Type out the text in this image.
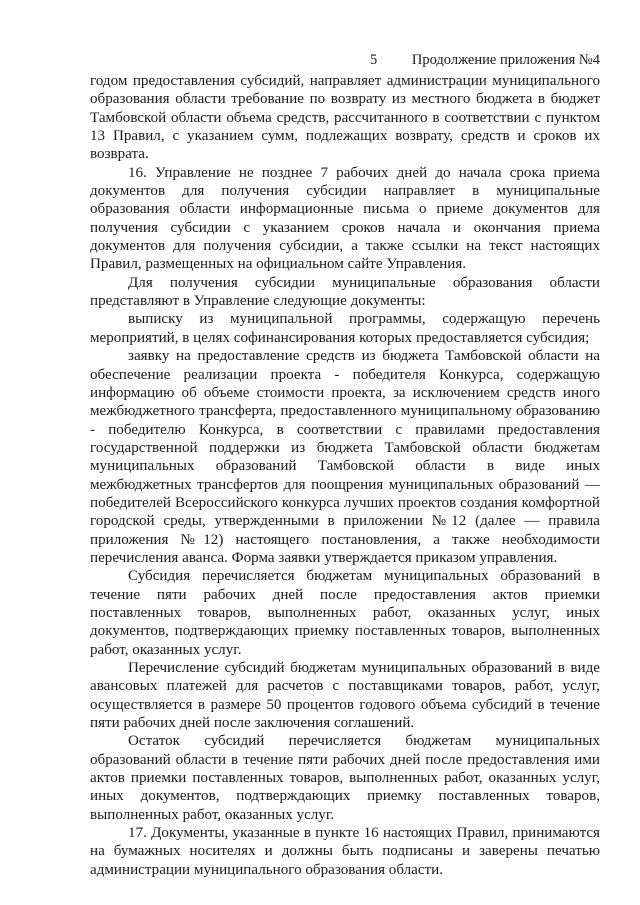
5 Продолжение приложения №4

годом предоставления субсидий, направляет администрации муниципального образования области требование по возврату из местного бюджета в бюджет Тамбовской области объема средств, рассчитанного в соответствии с пунктом 13 Правил, с указанием сумм, подлежащих возврату, средств и сроков их возврата.

16. Управление не позднее 7 рабочих дней до начала срока приема документов для получения субсидии направляет в муниципальные образования области информационные письма о приеме документов для получения субсидии с указанием сроков начала и окончания приема документов для получения субсидии, а также ссылки на текст настоящих Правил, размещенных на официальном сайте Управления.

Для получения субсидии муниципальные образования области представляют в Управление следующие документы:

выписку из муниципальной программы, содержащую перечень мероприятий, в целях софинансирования которых предоставляется субсидия;

заявку на предоставление средств из бюджета Тамбовской области на обеспечение реализации проекта - победителя Конкурса, содержащую информацию об объеме стоимости проекта, за исключением средств иного межбюджетного трансферта, предоставленного муниципальному образованию - победителю Конкурса, в соответствии с правилами предоставления государственной поддержки из бюджета Тамбовской области бюджетам муниципальных образований Тамбовской области в виде иных межбюджетных трансфертов для поощрения муниципальных образований — победителей Всероссийского конкурса лучших проектов создания комфортной городской среды, утвержденными в приложении №12 (далее — правила приложения №12) настоящего постановления, а также необходимости перечисления аванса. Форма заявки утверждается приказом управления.

Субсидия перечисляется бюджетам муниципальных образований в течение пяти рабочих дней после предоставления актов приемки поставленных товаров, выполненных работ, оказанных услуг, иных документов, подтверждающих приемку поставленных товаров, выполненных работ, оказанных услуг.

Перечисление субсидий бюджетам муниципальных образований в виде авансовых платежей для расчетов с поставщиками товаров, работ, услуг, осуществляется в размере 50 процентов годового объема субсидий в течение пяти рабочих дней после заключения соглашений.

Остаток субсидий перечисляется бюджетам муниципальных образований области в течение пяти рабочих дней после предоставления ими актов приемки поставленных товаров, выполненных работ, оказанных услуг, иных документов, подтверждающих приемку поставленных товаров, выполненных работ, оказанных услуг.

17. Документы, указанные в пункте 16 настоящих Правил, принимаются на бумажных носителях и должны быть подписаны и заверены печатью администрации муниципального образования области.
